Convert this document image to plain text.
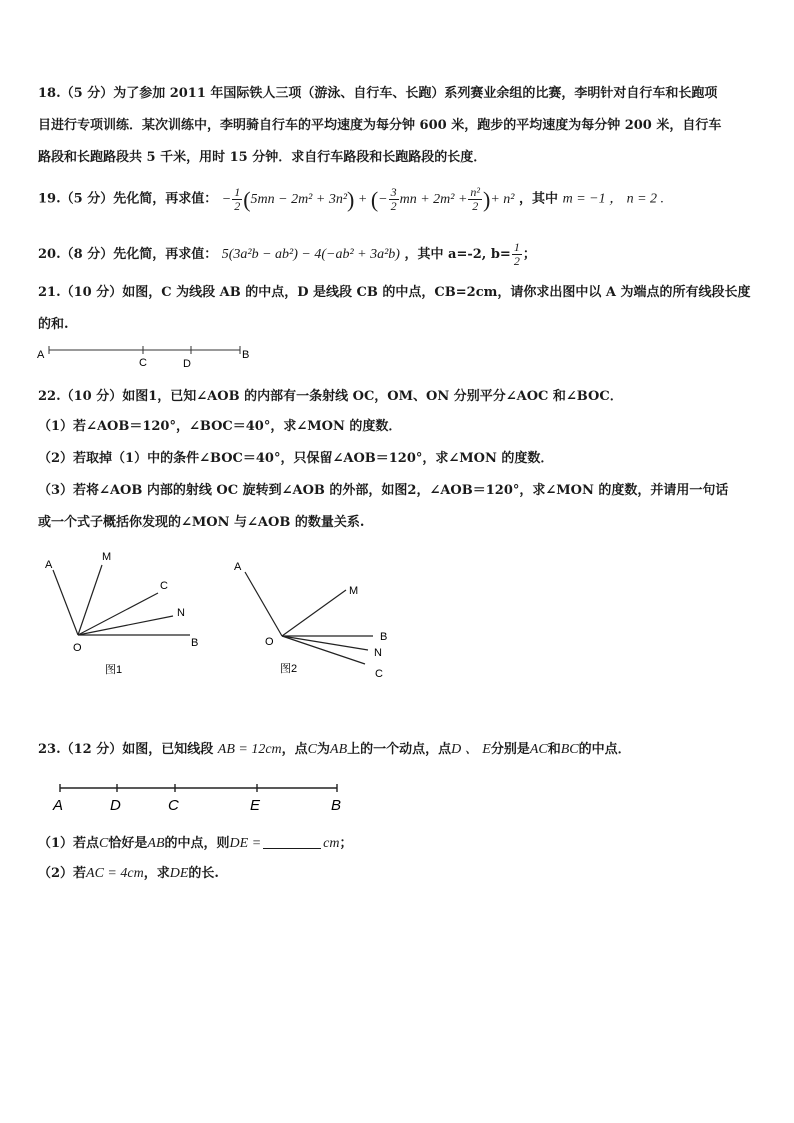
18.（5 分）为了参加 2011 年国际铁人三项（游泳、自行车、长跑）系列赛业余组的比赛，李明针对自行车和长跑项
目进行专项训练．某次训练中，李明骑自行车的平均速度为每分钟 600 米，跑步的平均速度为每分钟 200 米，自行车
路段和长跑路段共 5 千米，用时 15 分钟．求自行车路段和长跑路段的长度．
19.（5 分）先化简，再求值： − $\frac{1}{2} (5mn - 2m^2 + 3n^2)$ + (− $\frac{3}{2}$ mn + $2m^2 + \frac{\text{n²}}{2}$ )+ n² ，其中 m = −1 ， n = 2 .
20.（8 分）先化简，再求值： 5(3a²b − ab²) − 4(−ab² + 3a²b) ，其中 a=-2, $b= \frac{1}{2}$ ；
21.（10 分）如图，C 为线段 AB 的中点，D 是线段 CB 的中点，CB=2cm，请你求出图中以 A 为端点的所有线段长度
的和.
A
C	D
B
22.（10 分）如图1，已知∠AOB 的内部有一条射线 OC，OM、ON 分别平分∠AOC 和∠BOC．
（1）若∠AOB＝120°，∠BOC＝40°，求∠MON 的度数．
（2）若取掉（1）中的条件∠BOC＝40°，只保留∠AOB＝120°，求∠MON 的度数．
（3）若将∠AOB 内部的射线 OC 旋转到∠AOB 的外部，如图2，∠AOB＝120°，求∠MON 的度数，并请用一句话
或一个式子概括你发现的∠MON 与∠AOB 的数量关系.
A
M
C
N
O	B
图1
A
M
O	B
N
C
图2
23.（12 分）如图，已知线段 AB = 12cm，点C为AB上的一个动点，点D 、 E分别是AC和BC的中点．
A	D	C	E	B
（1）若点C恰好是AB的中点，则DE =	cm；
（2）若AC = 4cm，求DE的长.
